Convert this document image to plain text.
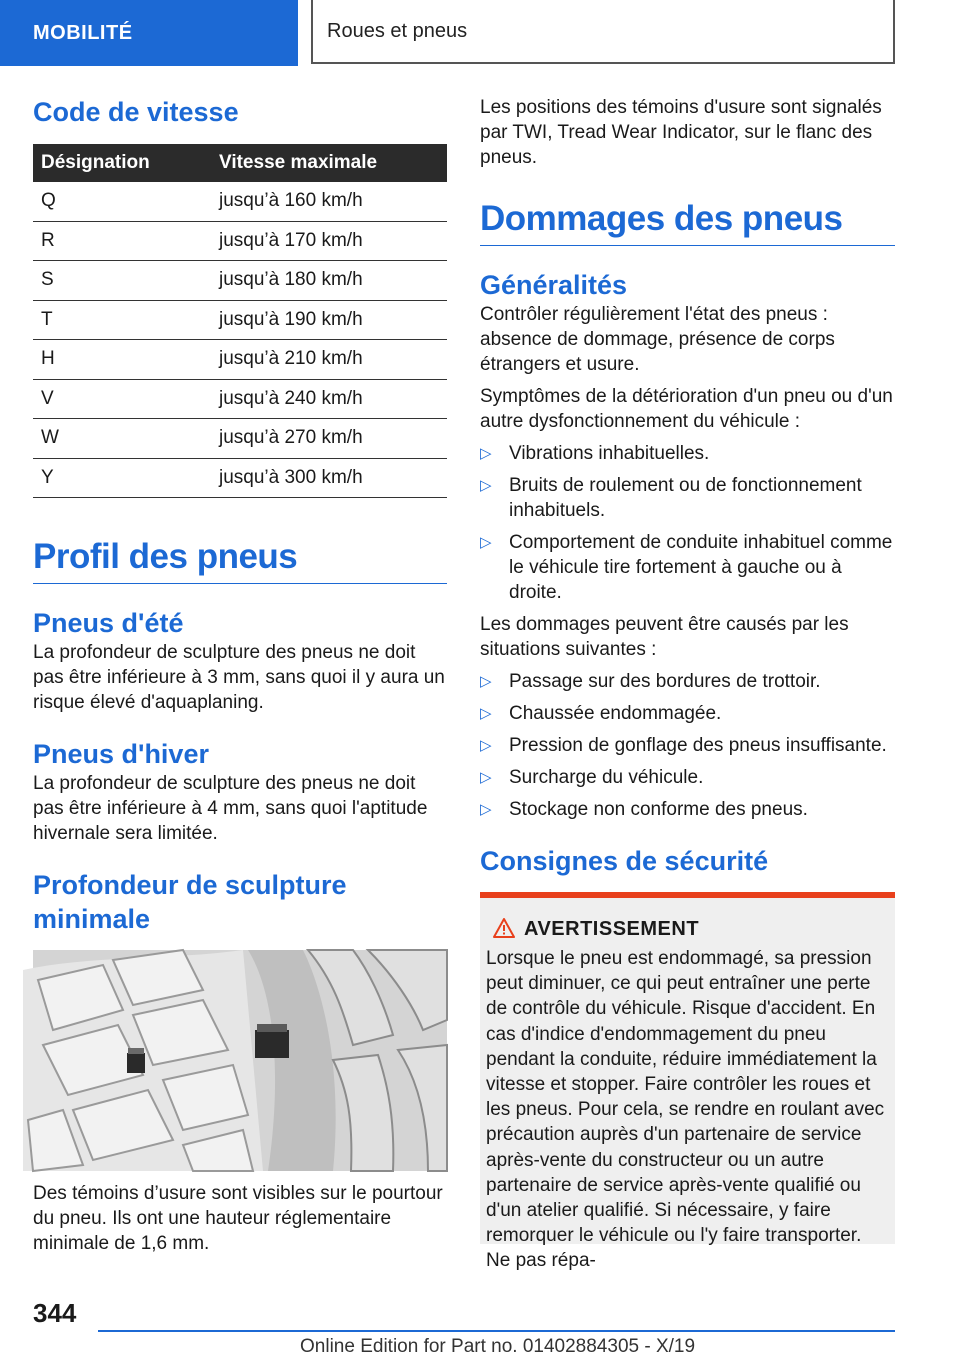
MOBILITÉ	Roues et pneus
Code de vitesse
Désignation	Vitesse maximale
Q	jusqu’à 160 km/h
R	jusqu’à 170 km/h
S	jusqu’à 180 km/h
T	jusqu’à 190 km/h
H	jusqu’à 210 km/h
V	jusqu’à 240 km/h
W	jusqu’à 270 km/h
Y	jusqu’à 300 km/h
Profil des pneus
Pneus d'été

La profondeur de sculpture des pneus ne doit pas être inférieure à 3 mm, sans quoi il y aura un risque élevé d'aquaplaning.

Pneus d'hiver

La profondeur de sculpture des pneus ne doit pas être inférieure à 4 mm, sans quoi l'aptitude hivernale sera limitée.

Profondeur de sculpture minimale

Des témoins d’usure sont visibles sur le pourtour du pneu. Ils ont une hauteur réglementaire minimale de 1,6 mm.

Les positions des témoins d'usure sont signalés par TWI, Tread Wear Indicator, sur le flanc des pneus.

Dommages des pneus
Généralités

Contrôler régulièrement l'état des pneus : absence de dommage, présence de corps étrangers et usure.

Symptômes de la détérioration d'un pneu ou d'un autre dysfonctionnement du véhicule :

▷ Vibrations inhabituelles.
▷ Bruits de roulement ou de fonctionnement inhabituels.
▷ Comportement de conduite inhabituel comme le véhicule tire fortement à gauche ou à droite.

Les dommages peuvent être causés par les situations suivantes :

▷ Passage sur des bordures de trottoir.
▷ Chaussée endommagée.
▷ Pression de gonflage des pneus insuffisante.
▷ Surcharge du véhicule.
▷ Stockage non conforme des pneus.
Consignes de sécurité
AVERTISSEMENT
Lorsque le pneu est endommagé, sa pression peut diminuer, ce qui peut entraîner une perte de contrôle du véhicule. Risque d'accident. En cas d'indice d'endommagement du pneu pendant la conduite, réduire immédiatement la vitesse et stopper. Faire contrôler les roues et les pneus. Pour cela, se rendre en roulant avec précaution auprès d'un partenaire de service après-vente du constructeur ou un autre partenaire de service après-vente qualifié ou d'un atelier qualifié. Si nécessaire, y faire remorquer le véhicule ou l'y faire transporter. Ne pas répa-
344
Online Edition for Part no. 01402884305 - X/19
